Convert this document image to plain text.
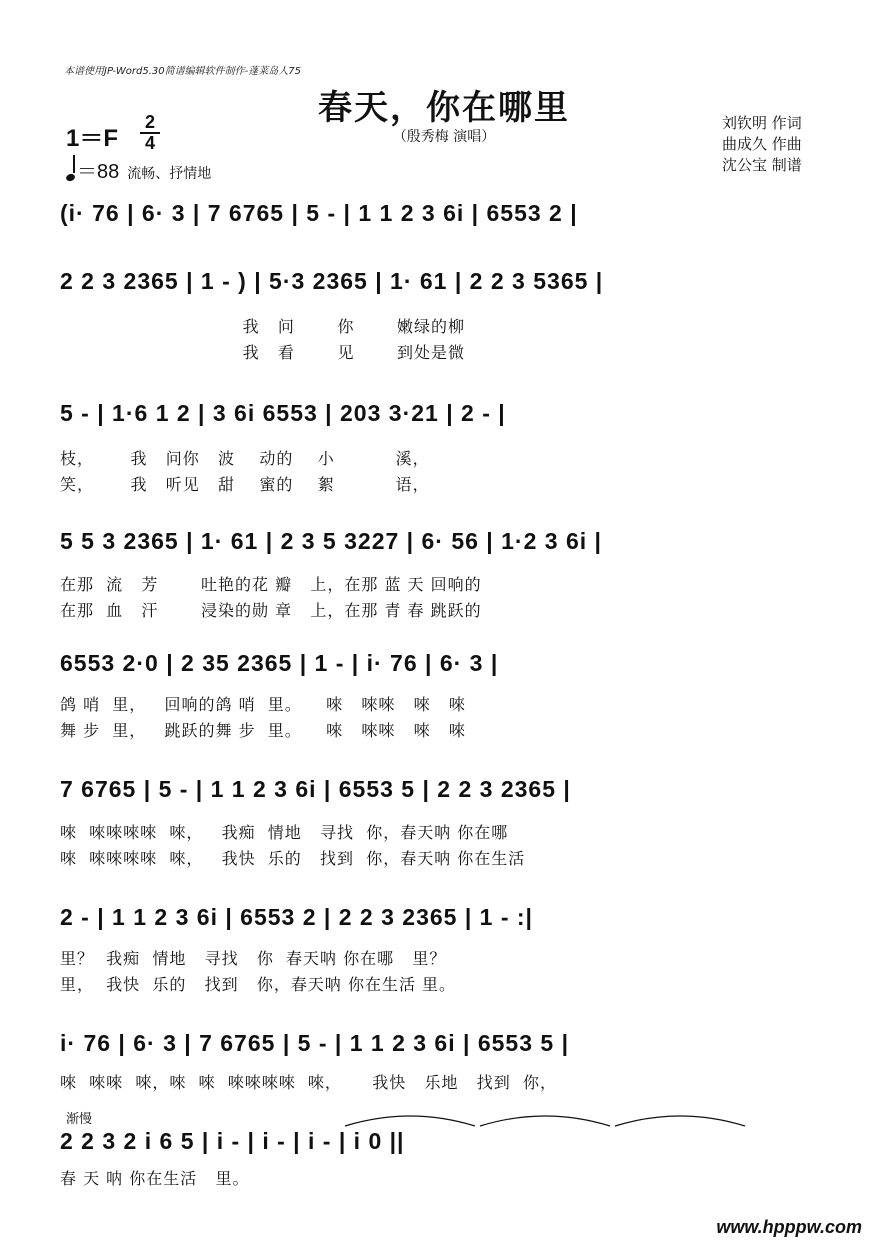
本谱使用JP-Word5.30简谱编辑软件制作-蓬莱岛人75
春天，你在哪里
（殷秀梅 演唱）
刘钦明 作词
曲成久 作曲
沈公宝 制谱
1＝F
2
4
＝88 流畅、抒情地
(i· 76 | 6· 3 | 7 6765 | 5 - | 1 1 2 3 6i | 6553 2 |
2 2 3 2365 | 1 - ) | 5·3 2365 | 1· 61 | 2 2 3 5365 |
我   问       你       嫩绿的柳
我   看       见       到处是微
5 - | 1·6 1 2 | 3 6i 6553 | 203 3·21 | 2 - |
枝，      我   问你   波    动的    小          溪，
笑，      我   听见   甜    蜜的    絮          语，
5 5 3 2365 | 1· 61 | 2 3 5 3227 | 6· 56 | 1·2 3 6i |
在那  流   芳       吐艳的花 瓣   上，在那 蓝 天 回响的
在那  血   汗       浸染的勋 章   上，在那 青 春 跳跃的
6553 2·0 | 2 35 2365 | 1 - | i· 76 | 6· 3 |
鸽 哨  里，   回响的鸽 哨  里。    唻   唻唻   唻   唻
舞 步  里，   跳跃的舞 步  里。    唻   唻唻   唻   唻
7 6765 | 5 - | 1 1 2 3 6i | 6553 5 | 2 2 3 2365 |
唻  唻唻唻唻  唻，   我痴  情地   寻找  你，春天呐 你在哪
唻  唻唻唻唻  唻，   我快  乐的   找到  你，春天呐 你在生活
2 - | 1 1 2 3 6i | 6553 2 | 2 2 3 2365 | 1 - :|
里？  我痴  情地   寻找   你  春天呐 你在哪   里？
里，  我快  乐的   找到   你，春天呐 你在生活 里。
i· 76 | 6· 3 | 7 6765 | 5 - | 1 1 2 3 6i | 6553 5 |
唻  唻唻  唻，唻  唻  唻唻唻唻  唻，     我快   乐地   找到  你，
渐慢
2 2 3 2 i 6 5 | i - | i - | i - | i 0 ||
春 天 呐 你在生活   里。
www.hpppw.com
